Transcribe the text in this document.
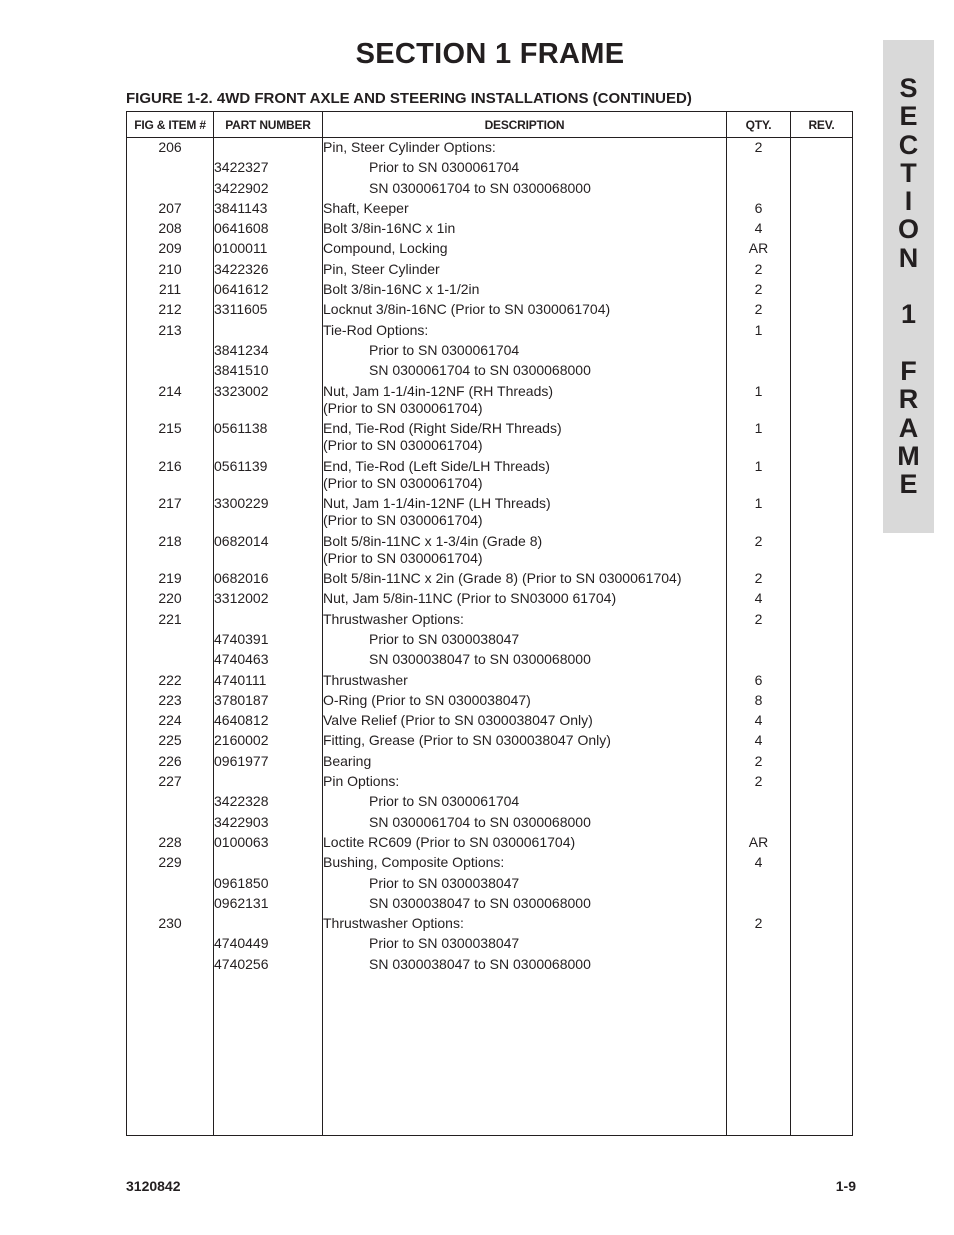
SECTION 1 FRAME
FIGURE 1-2. 4WD FRONT AXLE AND STEERING INSTALLATIONS (CONTINUED)	S
E
C
T
I
O
N
1
F
R
A
M
E
FIG & ITEM #	PART NUMBER	DESCRIPTION	QTY.	REV.
206		Pin, Steer Cylinder Options:	2	
	3422327	Prior to SN 0300061704		

	3422902	SN 0300061704 to SN 0300068000		

207	3841143	Shaft, Keeper	6	
208	0641608	Bolt 3/8in-16NC x 1in	4	
209	0100011	Compound, Locking	AR	
210	3422326	Pin, Steer Cylinder	2	
211	0641612	Bolt 3/8in-16NC x 1-1/2in	2	
212	3311605	Locknut 3/8in-16NC (Prior to SN 0300061704)	2	
213		Tie-Rod Options:	1	
	3841234	Prior to SN 0300061704		

	3841510	SN 0300061704 to SN 0300068000		

214	3323002	Nut, Jam 1-1/4in-12NF (RH Threads)
(Prior to SN 0300061704)	1	
215	0561138	End, Tie-Rod (Right Side/RH Threads)
(Prior to SN 0300061704)	1	
216	0561139	End, Tie-Rod (Left Side/LH Threads)
(Prior to SN 0300061704)	1	
217	3300229	Nut, Jam 1-1/4in-12NF (LH Threads)
(Prior to SN 0300061704)	1	
218	0682014	Bolt 5/8in-11NC x 1-3/4in (Grade 8)
(Prior to SN 0300061704)	2	
219	0682016	Bolt 5/8in-11NC x 2in (Grade 8) (Prior to SN 0300061704)	2	
220	3312002	Nut, Jam 5/8in-11NC (Prior to SN03000 61704)	4	
221		Thrustwasher Options:	2	
	4740391	Prior to SN 0300038047		

	4740463	SN 0300038047 to SN 0300068000		

222	4740111	Thrustwasher	6	
223	3780187	O-Ring (Prior to SN 0300038047)	8	
224	4640812	Valve Relief (Prior to SN 0300038047 Only)	4	
225	2160002	Fitting, Grease (Prior to SN 0300038047 Only)	4	
226	0961977	Bearing	2	
227		Pin Options:	2	
	3422328	Prior to SN 0300061704		

	3422903	SN 0300061704 to SN 0300068000		

228	0100063	Loctite RC609 (Prior to SN 0300061704)	AR	
229		Bushing, Composite Options:	4	
	0961850	Prior to SN 0300038047		

	0962131	SN 0300038047 to SN 0300068000		

230		Thrustwasher Options:	2	
	4740449	Prior to SN 0300038047		

	4740256	SN 0300038047 to SN 0300068000		

3120842	1-9
